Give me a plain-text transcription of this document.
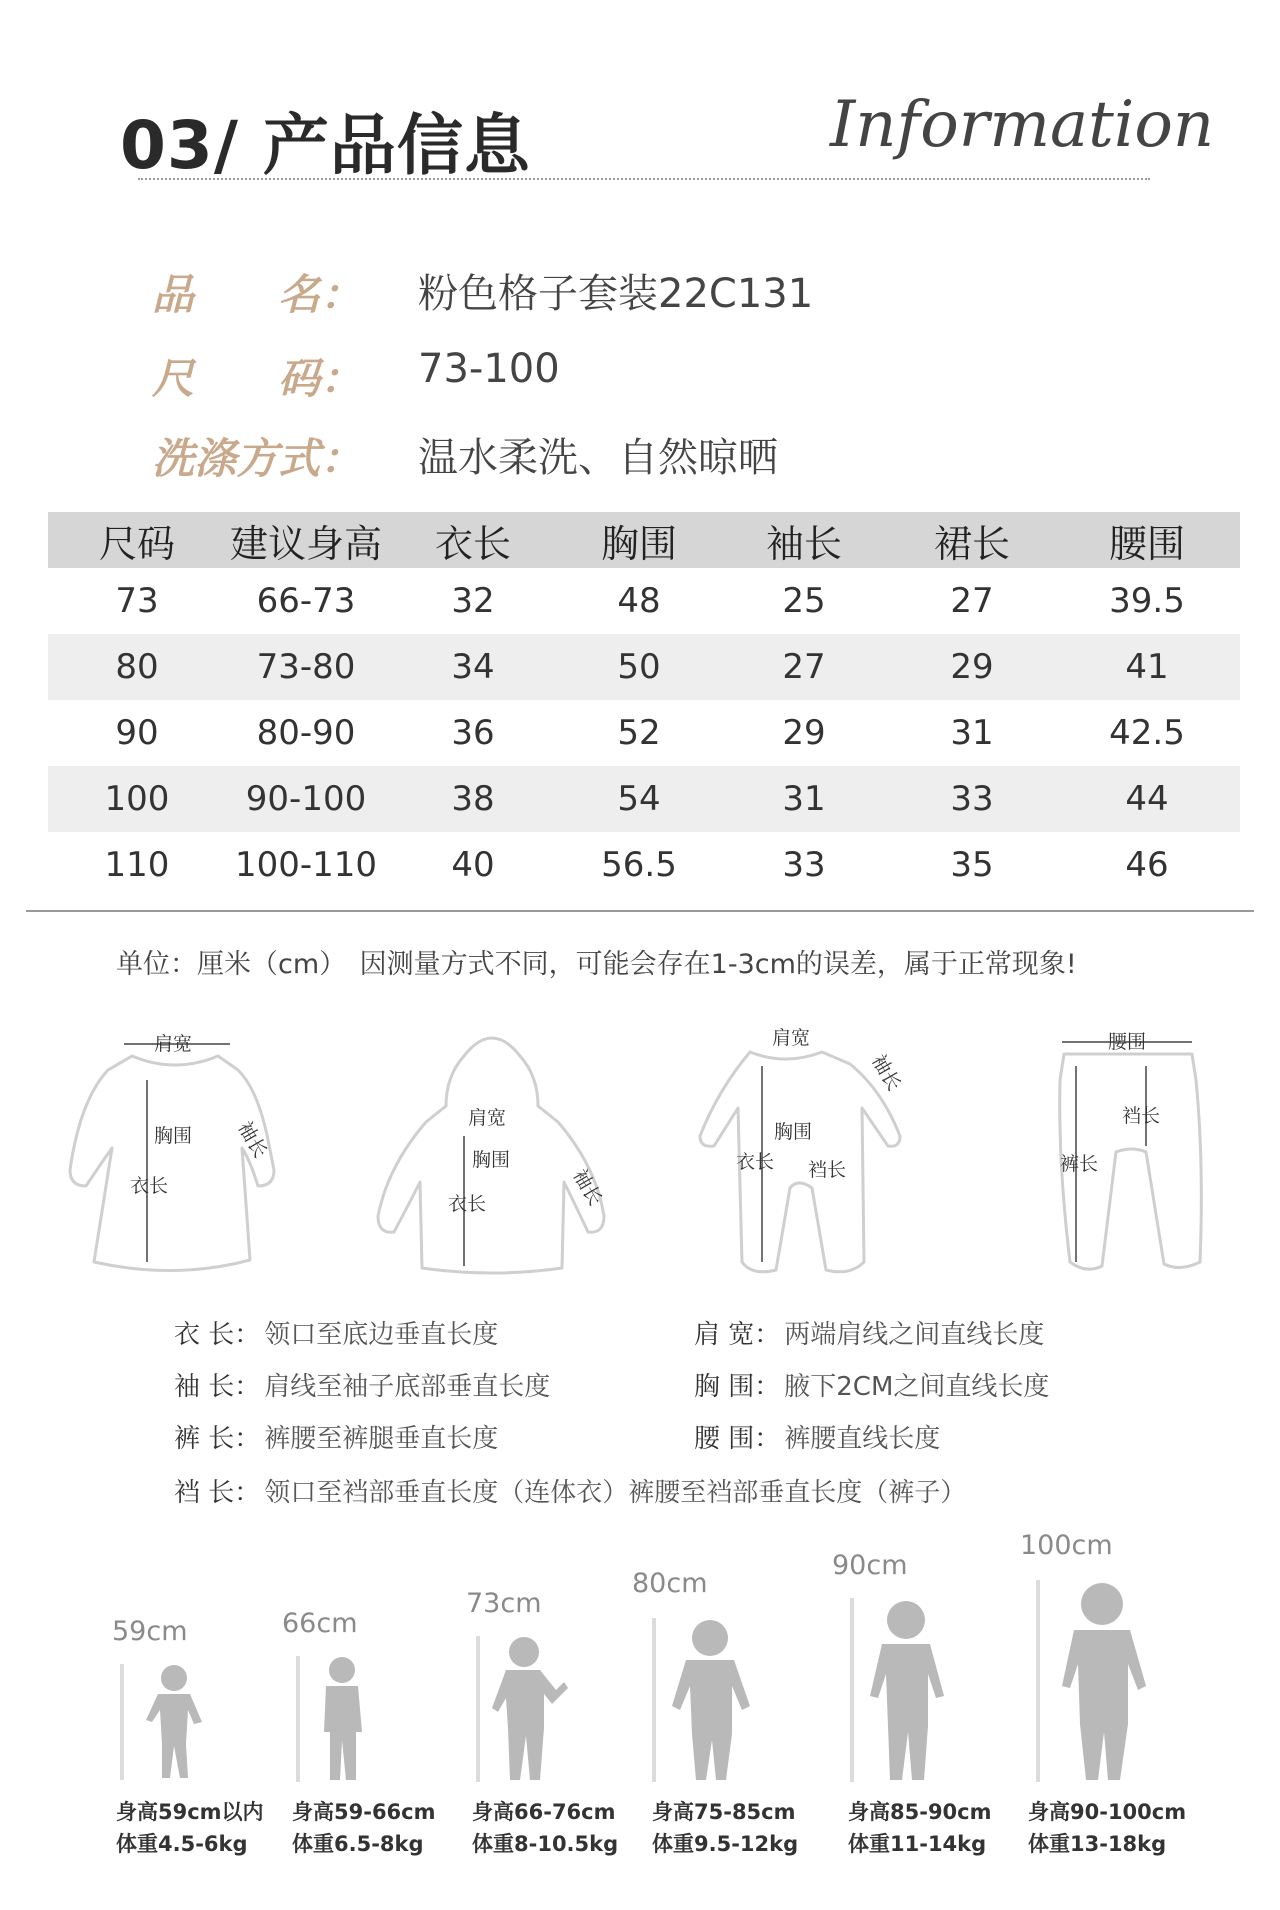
03/ 产品信息	Information
品　　名： 粉色格子套装22C131
尺　　码： 73-100
洗涤方式： 温水柔洗、自然晾晒
尺码	建议身高	衣长	胸围	袖长	裙长	腰围
73	66-73	32	48	25	27	39.5
80	73-80	34	50	27	29	41
90	80-90	36	52	29	31	42.5
100	90-100	38	54	31	33	44
110	100-110	40	56.5	33	35	46
单位：厘米（cm）　因测量方式不同，可能会存在1-3cm的误差，属于正常现象!
肩宽
胸围
衣长
袖长	肩宽
胸围
衣长	袖长
肩宽
胸围
衣长 裆长
袖长
腰围
裤长
裆长
衣 长： 领口至底边垂直长度	肩 宽： 两端肩线之间直线长度
袖 长： 肩线至袖子底部垂直长度	胸 围： 腋下2CM之间直线长度
裤 长： 裤腰至裤腿垂直长度	腰 围： 裤腰直线长度
裆 长： 领口至裆部垂直长度（连体衣）裤腰至裆部垂直长度（裤子）
59cm
身高59cm以内
体重4.5-6kg
66cm
身高59-66cm
体重6.5-8kg
73cm
身高66-76cm
体重8-10.5kg
80cm
身高75-85cm
体重9.5-12kg
90cm
身高85-90cm
体重11-14kg
100cm
身高90-100cm
体重13-18kg
